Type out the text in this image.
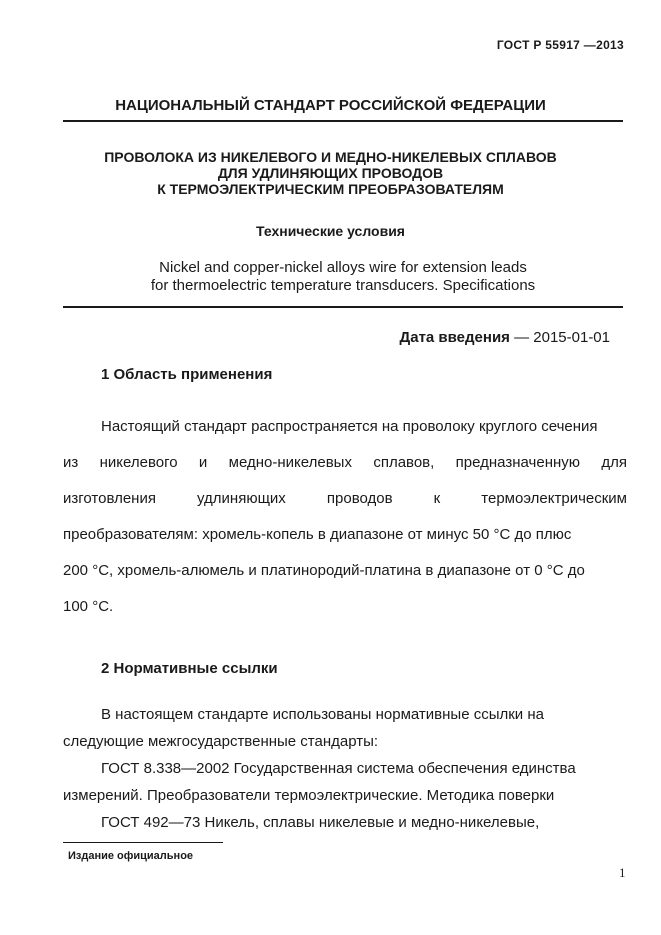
ГОСТ Р 55917 —2013
НАЦИОНАЛЬНЫЙ СТАНДАРТ РОССИЙСКОЙ ФЕДЕРАЦИИ
ПРОВОЛОКА ИЗ НИКЕЛЕВОГО И МЕДНО-НИКЕЛЕВЫХ СПЛАВОВ
ДЛЯ УДЛИНЯЮЩИХ ПРОВОДОВ
К ТЕРМОЭЛЕКТРИЧЕСКИМ ПРЕОБРАЗОВАТЕЛЯМ
Технические условия
Nickel and copper-nickel alloys wire for extension leads
for thermoelectric temperature transducers. Specifications
Дата введения — 2015-01-01
1 Область применения
Настоящий стандарт распространяется на проволоку круглого сечения
из никелевого и медно-никелевых сплавов, предназначенную для
изготовления удлиняющих проводов к термоэлектрическим
преобразователям: хромель-копель в диапазоне от минус 50 °С до плюс
200 °С, хромель-алюмель и платинородий-платина в диапазоне от 0 °С до
100 °С.
2 Нормативные ссылки
В настоящем стандарте использованы нормативные ссылки на
следующие межгосударственные стандарты:
ГОСТ 8.338—2002 Государственная система обеспечения единства
измерений. Преобразователи термоэлектрические. Методика поверки
ГОСТ 492—73 Никель, сплавы никелевые и медно-никелевые,
Издание официальное
1
